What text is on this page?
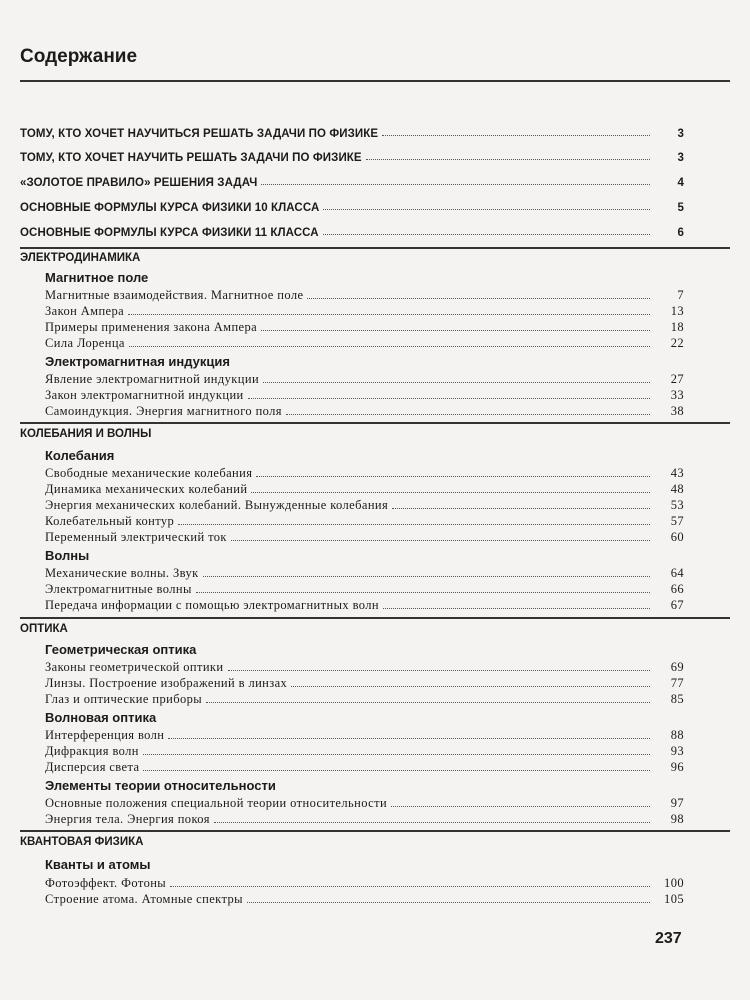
Содержание
ТОМУ, КТО ХОЧЕТ НАУЧИТЬСЯ РЕШАТЬ ЗАДАЧИ ПО ФИЗИКЕ	3
ТОМУ, КТО ХОЧЕТ НАУЧИТЬ РЕШАТЬ ЗАДАЧИ ПО ФИЗИКЕ	3
«ЗОЛОТОЕ ПРАВИЛО» РЕШЕНИЯ ЗАДАЧ	4
ОСНОВНЫЕ ФОРМУЛЫ КУРСА ФИЗИКИ 10 КЛАССА	5
ОСНОВНЫЕ ФОРМУЛЫ КУРСА ФИЗИКИ 11 КЛАССА	6
ЭЛЕКТРОДИНАМИКА
Магнитное поле
Магнитные взаимодействия. Магнитное поле	7
Закон Ампера	13
Примеры применения закона Ампера	18
Сила Лоренца	22
Электромагнитная индукция
Явление электромагнитной индукции	27
Закон электромагнитной индукции	33
Самоиндукция. Энергия магнитного поля	38
КОЛЕБАНИЯ И ВОЛНЫ
Колебания
Свободные механические колебания	43
Динамика механических колебаний	48
Энергия механических колебаний. Вынужденные колебания	53
Колебательный контур	57
Переменный электрический ток	60
Волны
Механические волны. Звук	64
Электромагнитные волны	66
Передача информации с помощью электромагнитных волн	67
ОПТИКА
Геометрическая оптика
Законы геометрической оптики	69
Линзы. Построение изображений в линзах	77
Глаз и оптические приборы	85
Волновая оптика
Интерференция волн	88
Дифракция волн	93
Дисперсия света	96
Элементы теории относительности
Основные положения специальной теории относительности	97
Энергия тела. Энергия покоя	98
КВАНТОВАЯ ФИЗИКА
Кванты и атомы
Фотоэффект. Фотоны	100
Строение атома. Атомные спектры	105
237
